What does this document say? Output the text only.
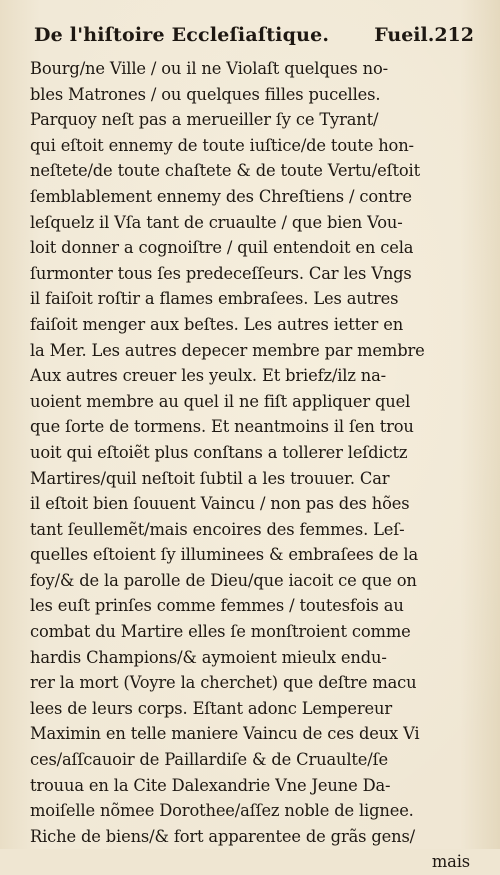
De l'hiſtoire Eccleſiaſtique. Fueil.212
Bourg/ne Ville / ou il ne Violaſt quelques no-
bles Matrones / ou quelques filles pucelles.
Parquoy neſt pas a merueiller ſy ce Tyrant/
qui eſtoit ennemy de toute iuſtice/de toute hon-
neſtete/de toute chaſtete & de toute Vertu/eſtoit
ſemblablement ennemy des Chreſtiens / contre
leſquelz il Vſa tant de cruaulte / que bien Vou-
loit donner a cognoiſtre / quil entendoit en cela
ſurmonter tous ſes predeceſſeurs. Car les Vngs
il faiſoit roſtir a flames embraſees. Les autres
faiſoit menger aux beſtes. Les autres ietter en
la Mer. Les autres depecer membre par membre
Aux autres creuer les yeulx. Et briefz/ilz na-
uoient membre au quel il ne fiſt appliquer quel
que ſorte de tormens. Et neantmoins il ſen trou
uoit qui eſtoiẽt plus conſtans a tollerer leſdictz
Martires/quil neſtoit ſubtil a les trouuer. Car
il eſtoit bien ſouuent Vaincu / non pas des hões
tant ſeullemẽt/mais encoires des femmes. Leſ-
quelles eſtoient ſy illuminees & embraſees de la
foy/& de la parolle de Dieu/que iacoit ce que on
les euſt prinſes comme femmes / toutesfois au
combat du Martire elles ſe monſtroient comme
hardis Champions/& aymoient mieulx endu-
rer la mort (Voyre la cherchet) que deſtre macu
lees de leurs corps. Eſtant adonc Lempereur
Maximin en telle maniere Vaincu de ces deux Vi
ces/aſſcauoir de Paillardiſe & de Cruaulte/ſe
trouua en la Cite Dalexandrie Vne Jeune Da-
moiſelle nõmee Dorothee/aſſez noble de lignee.
Riche de biens/& fort apparentee de grãs gens/
mais
